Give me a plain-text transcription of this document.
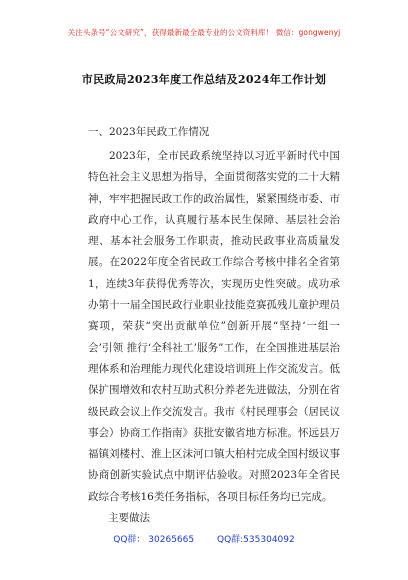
关注头条号“公文研究”，获得最新最全最专业的公文资料库！ 微信：gongwenyj
市民政局2023年度工作总结及2024年工作计划
一、2023年民政工作情况

2023年，全市民政系统坚持以习近平新时代中国特色社会主义思想为指导，全面贯彻落实党的二十大精神，牢牢把握民政工作的政治属性，紧紧围绕市委、市政府中心工作，认真履行基本民生保障、基层社会治理、基本社会服务工作职责，推动民政事业高质量发展。在2022年度全省民政工作综合考核中排名全省第1，连续3年获得优秀等次，实现历史性突破。成功承办第十一届全国民政行业职业技能竞赛孤残儿童护理员赛项，荣获“突出贡献单位”创新开展“坚持‘一组一会’引领 推行‘全科社工’服务”工作，在全国推进基层治理体系和治理能力现代化建设培训班上作交流发言。低保扩围增效和农村互助式积分养老先进做法，分别在省级民政会议上作交流发言。我市《村民理事会（居民议事会）协商工作指南》获批安徽省地方标准。怀远县万福镇刘楼村、淮上区沫河口镇大柏村完成全国村级议事协商创新实验试点中期评估验收。对照2023年全省民政综合考核16类任务指标，各项目标任务均已完成。

主要做法
QQ群： 30265665	QQ群:535304092
